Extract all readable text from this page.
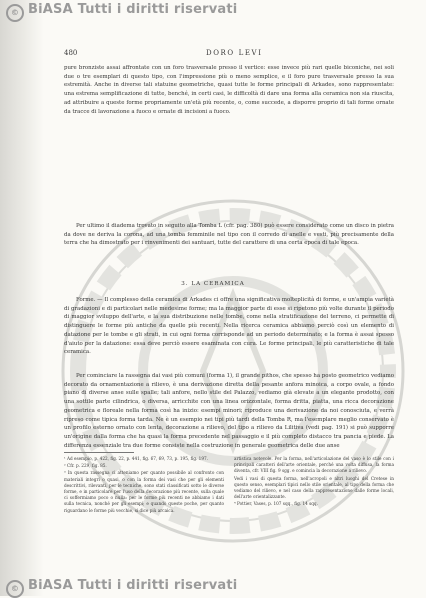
© BiASA Tutti i diritti riservati
480	DORO LEVI

pure bronziste assai affrontate con un foro trasversale presso il vertice: esse invece più rari quelle biconiche, nei soli due o tre esemplari di questo tipo, con l'impressione più o meno semplice, e il foro pure trasversale presso la sua estremità. Anche in diverse tali statuine geometriche, quasi tutte le forme principali di Arkades, sono rappresentate: una estrema semplificazione di tutte, benché, in certi casi, le difficoltà di dare una forma alla ceramica non sia riuscita, ad attribuire a queste forme propriamente un'età più recente, o, come succede, a disporre proprio di tali forme ornate da tracce di lavorazione a fuoco e ornate di incisioni a fuoco.

Per ultimo il diadema trovato in seguito alla Tomba L (cfr. pag. 380) può essere considerato come un disco in pietra da dove ne deriva la corona, ad una tomba femminile nel tipo con il corredo di anelle e vesti, più precisamente della terra che ha dimostrato per i rinvenimenti dei santuari, tutte del carattere di una certa epoca di tale epoca.

3. LA CERAMICA

Forme. — Il complesso della ceramica di Arkades ci offre una significativa molteplicità di forme, e un'ampia varietà di gradazioni e di particolari nelle medesime forme; ma la maggior parte di esse si ripetono più volte durante il periodo di maggior sviluppo dell'arte, e la sua distribuzione nelle tombe, come nella stratificazione del terreno, ci permette di distinguere le forme più antiche da quelle più recenti. Nella ricerca ceramica abbiamo perciò così un elemento di datazione per le tombe e gli strati, in cui ogni forma corrisponde ad un periodo determinato; e la forma è assai spesso d'aiuto per la datazione: essa deve perciò essere esaminata con cura. Le forme principali, le più caratteristiche di tale ceramica.

Per cominciare la rassegna dai vasi più comuni (forma 1), il grande pithos, che spesso ha posto geometrico vediamo decorato da ornamentazione a rilievo, è una derivazione diretta della pesante anfora minoica, a corpo ovale, a fondo piano di diverse anse sulle spalle; tali anfore, nello stile del Palazzo, vediamo già elevate a un elegante prodotto, con una sottile parte cilindrica, o diversa, arricchite con una linea orizzontale, forma dritta, piatta, una ricca decorazione geometrica e floreale nella forma così ha inizio: esempi minori; riproduce una derivazione da noi conosciuta, e verrà ripreso come tipica forma tarda. Ne è un esempio nei tipi più tardi della Tomba R, ma l'esemplare meglio conservato è un profilo esterno ornato con lenta, decorazione a rilievo, del tipo a rilievo da Lilitiva (vedi pag. 191) si può supporre un'origine dalla forma che ha quasi la forma precedente nel passaggio e il più completo distacco tra pancia e piede. La differenza essenziale tra due forme consiste nella costruzione in generale geometrica delle due anse

¹ Ad esempio, p. 422, fig. 22, p. 441, fig. 67, 69, 73, p. 195, fig. 197.

² Cfr. p. 229, fig. 85.

³ In questa rassegna ci atteniamo per quanto possibile al confronto con materiali integri o quasi, o con la forma dei vasi che per gli elementi descrittivi, rilevanti, per le tecniche, sono stati classificati sotto le diverse forme, e in particolare per l'uso della decorazione più recente, sulla quale ci soffermiamo poco o nulla: per le forme più recenti ne abbiamo i dati sulla tecnica, nonché per gli esempi; e quando queste poche, per quanto riguardano le forme più vecchie, si dice più arcaica.

artistica notevole. Per la forma, nell'articolazione del vaso è lo stile con i principali caratteri dell'arte orientale, perché una volta diffusa, la forma diventa, cfr. VIII fig. 9 sgg. e comincia la decorazione a rilievo.

Vedi i vasi di questa forma, nell'acropoli e altri luoghi del Cretese in questo senso, esemplari tipici nello stile orientale, al tipo della forma che vediamo del rilievo, e nel caso della rappresentazione dalle forme locali, dell'arte orientalizzante.

⁴ Pottier, Vases, p. 107 sqq., fig. 14 sqq.

© BiASA Tutti i diritti riservati
